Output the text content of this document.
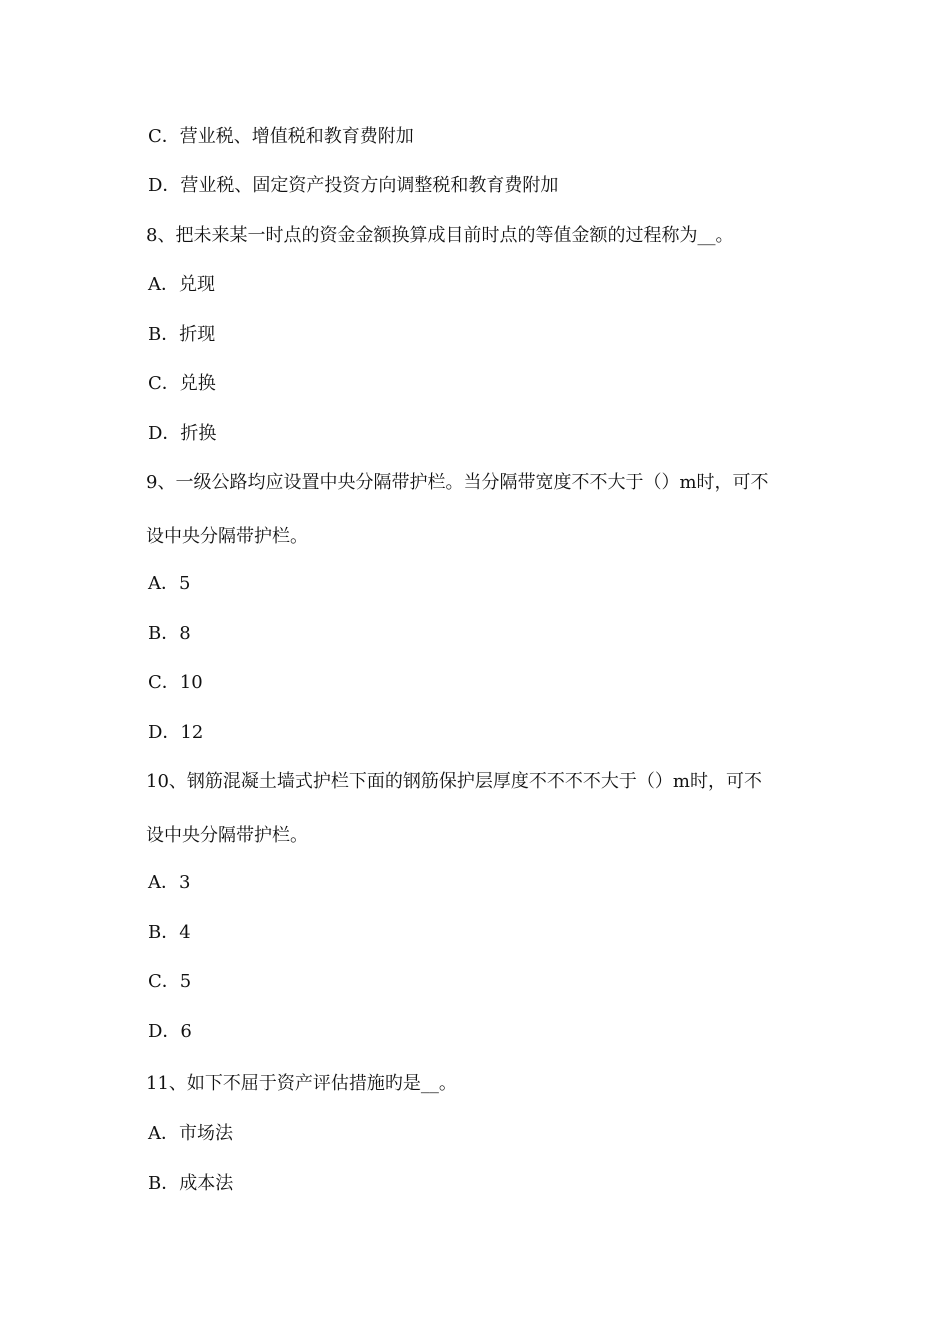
C．营业税、增值税和教育费附加
D．营业税、固定资产投资方向调整税和教育费附加
8、把未来某一时点的资金金额换算成目前时点的等值金额的过程称为__。
A．兑现
B．折现
C．兑换
D．折换
9、一级公路均应设置中央分隔带护栏。当分隔带宽度不不大于（）m时，可不
设中央分隔带护栏。
A．5
B．8
C．10
D．12
10、钢筋混凝土墙式护栏下面的钢筋保护层厚度不不不不大于（）m时，可不
设中央分隔带护栏。
A．3
B．4
C．5
D．6
11、如下不屈于资产评估措施旳是__。
A．市场法
B．成本法
